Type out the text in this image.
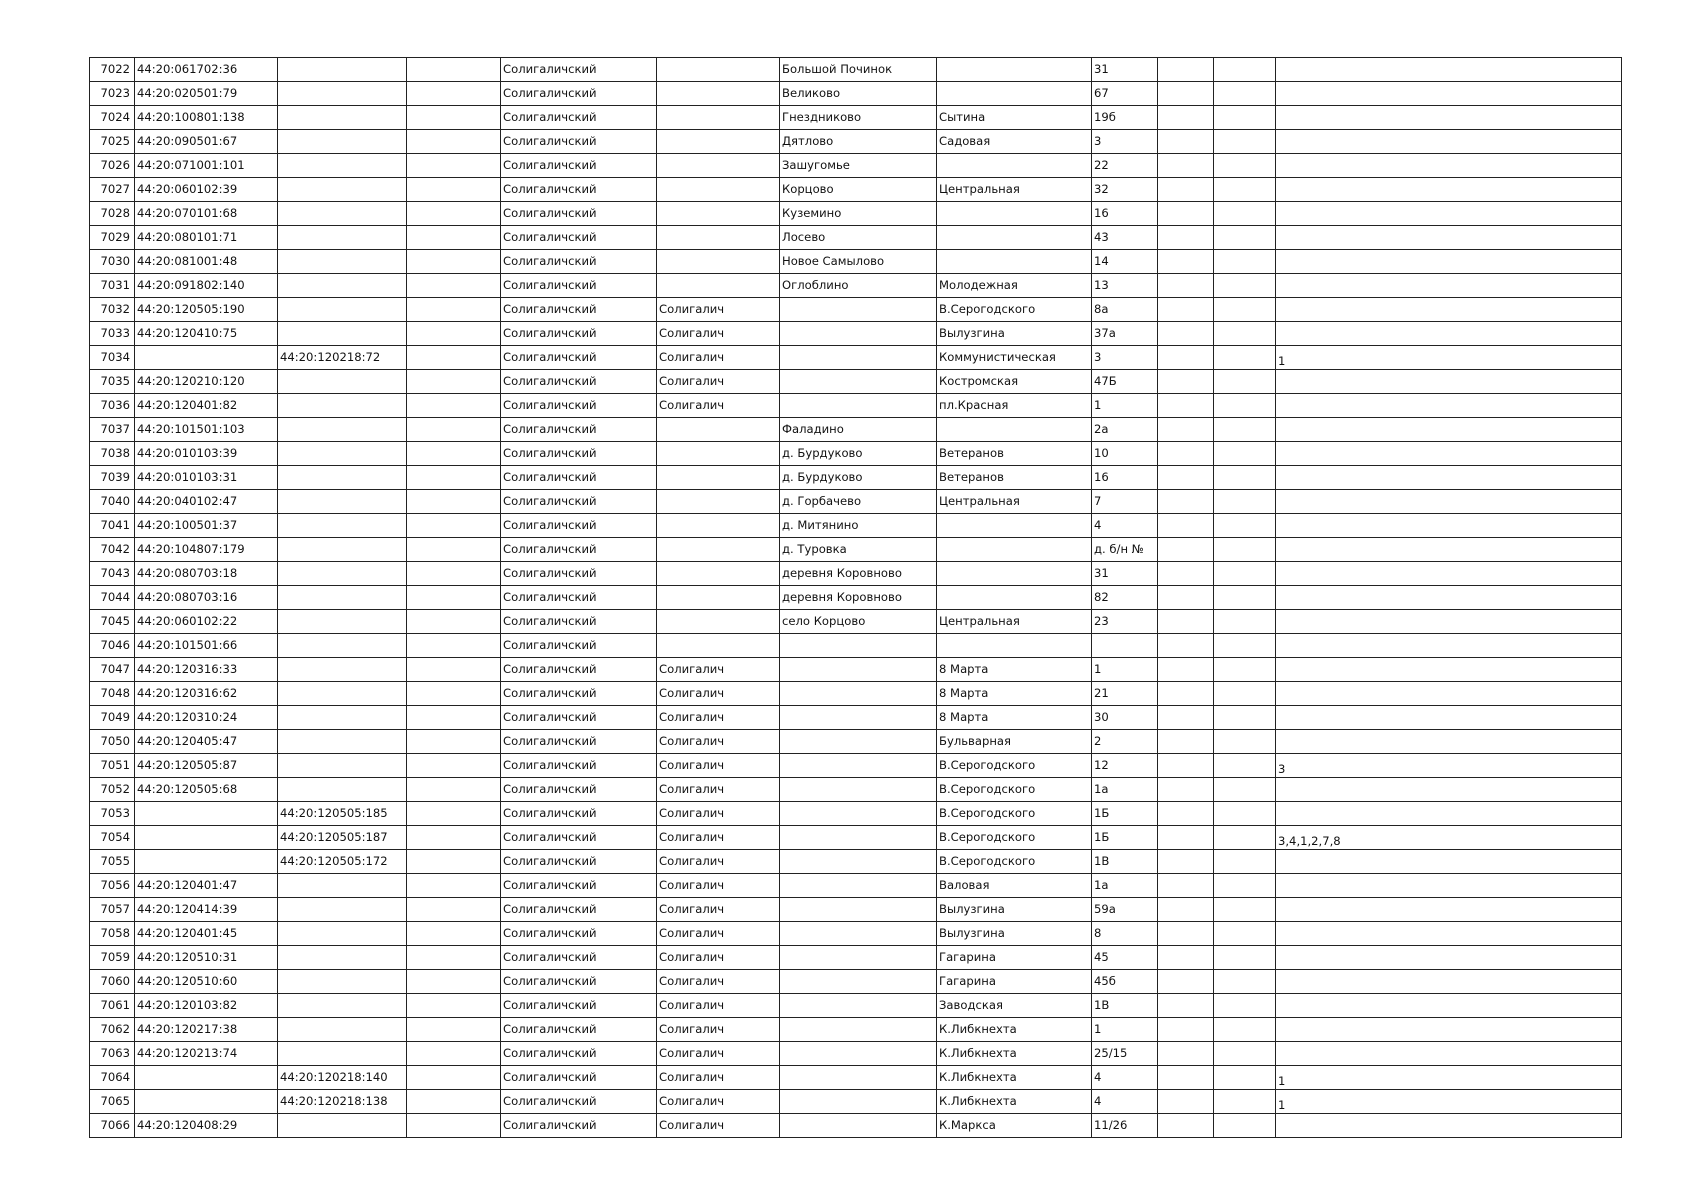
7022	44:20:061702:36			Солигаличский		Большой Починок		31			
7023	44:20:020501:79			Солигаличский		Великово		67			
7024	44:20:100801:138			Солигаличский		Гнездниково	Сытина	19б			
7025	44:20:090501:67			Солигаличский		Дятлово	Садовая	3			
7026	44:20:071001:101			Солигаличский		Зашугомье		22			
7027	44:20:060102:39			Солигаличский		Корцово	Центральная	32			
7028	44:20:070101:68			Солигаличский		Куземино		16			
7029	44:20:080101:71			Солигаличский		Лосево		43			
7030	44:20:081001:48			Солигаличский		Новое Самылово		14			
7031	44:20:091802:140			Солигаличский		Оглоблино	Молодежная	13			
7032	44:20:120505:190			Солигаличский	Солигалич		В.Серогодского	8а			
7033	44:20:120410:75			Солигаличский	Солигалич		Вылузгина	37а			
7034		44:20:120218:72		Солигаличский	Солигалич		Коммунистическая	3			1
7035	44:20:120210:120			Солигаличский	Солигалич		Костромская	47Б			
7036	44:20:120401:82			Солигаличский	Солигалич		пл.Красная	1			
7037	44:20:101501:103			Солигаличский		Фаладино		2а			
7038	44:20:010103:39			Солигаличский		д. Бурдуково	Ветеранов	10			
7039	44:20:010103:31			Солигаличский		д. Бурдуково	Ветеранов	16			
7040	44:20:040102:47			Солигаличский		д. Горбачево	Центральная	7			
7041	44:20:100501:37			Солигаличский		д. Митянино		4			
7042	44:20:104807:179			Солигаличский		д. Туровка		д. б/н №			
7043	44:20:080703:18			Солигаличский		деревня Коровново		31			
7044	44:20:080703:16			Солигаличский		деревня Коровново		82			
7045	44:20:060102:22			Солигаличский		село Корцово	Центральная	23			
7046	44:20:101501:66			Солигаличский							
7047	44:20:120316:33			Солигаличский	Солигалич		8 Марта	1			
7048	44:20:120316:62			Солигаличский	Солигалич		8 Марта	21			
7049	44:20:120310:24			Солигаличский	Солигалич		8 Марта	30			
7050	44:20:120405:47			Солигаличский	Солигалич		Бульварная	2			
7051	44:20:120505:87			Солигаличский	Солигалич		В.Серогодского	12			3
7052	44:20:120505:68			Солигаличский	Солигалич		В.Серогодского	1а			
7053		44:20:120505:185		Солигаличский	Солигалич		В.Серогодского	1Б			
7054		44:20:120505:187		Солигаличский	Солигалич		В.Серогодского	1Б			3,4,1,2,7,8
7055		44:20:120505:172		Солигаличский	Солигалич		В.Серогодского	1В			
7056	44:20:120401:47			Солигаличский	Солигалич		Валовая	1а			
7057	44:20:120414:39			Солигаличский	Солигалич		Вылузгина	59а			
7058	44:20:120401:45			Солигаличский	Солигалич		Вылузгина	8			
7059	44:20:120510:31			Солигаличский	Солигалич		Гагарина	45			
7060	44:20:120510:60			Солигаличский	Солигалич		Гагарина	45б			
7061	44:20:120103:82			Солигаличский	Солигалич		Заводская	1В			
7062	44:20:120217:38			Солигаличский	Солигалич		К.Либкнехта	1			
7063	44:20:120213:74			Солигаличский	Солигалич		К.Либкнехта	25/15			
7064		44:20:120218:140		Солигаличский	Солигалич		К.Либкнехта	4			1
7065		44:20:120218:138		Солигаличский	Солигалич		К.Либкнехта	4			1
7066	44:20:120408:29			Солигаличский	Солигалич		К.Маркса	11/26			
